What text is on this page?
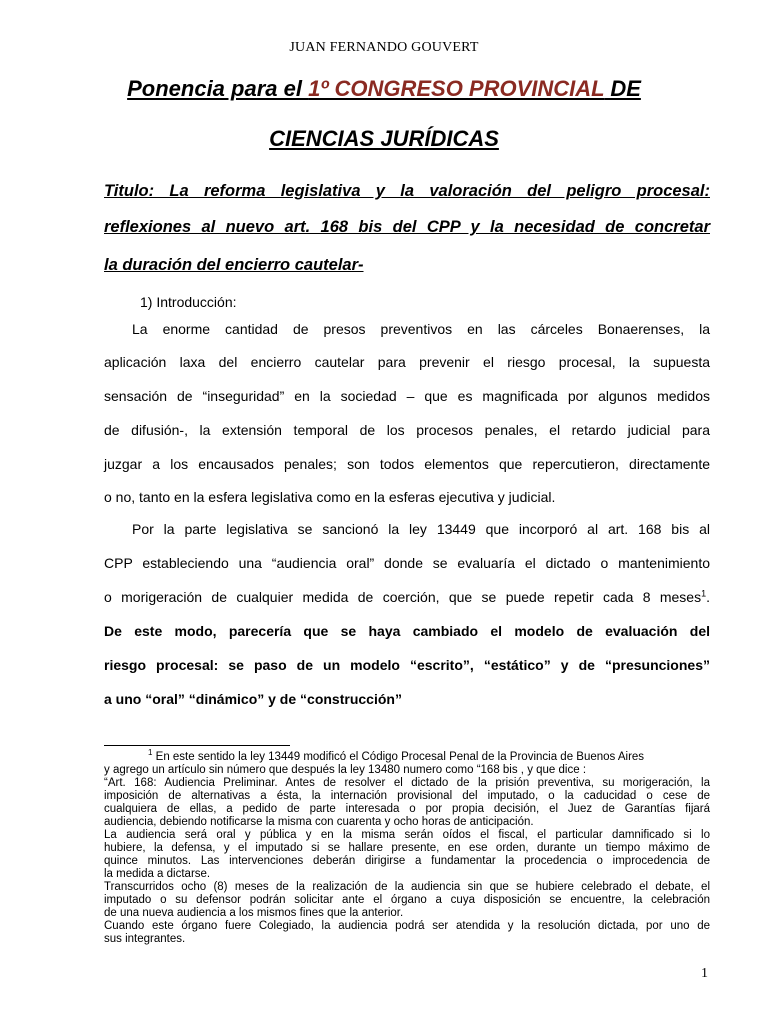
JUAN FERNANDO GOUVERT
Ponencia para el 1º CONGRESO PROVINCIAL DE
CIENCIAS JURÍDICAS
Titulo: La reforma legislativa y la valoración del peligro procesal:
reflexiones al nuevo art. 168 bis del CPP y la necesidad de concretar
la duración del encierro cautelar-
1) Introducción:
La enorme cantidad de presos preventivos en las cárceles Bonaerenses, la
aplicación laxa del encierro cautelar para prevenir el riesgo procesal, la supuesta
sensación de “inseguridad” en la sociedad – que es magnificada por algunos medidos
de difusión-, la extensión temporal de los procesos penales, el retardo judicial para
juzgar a los encausados penales; son todos elementos que repercutieron, directamente
o no, tanto en la esfera legislativa como en la esferas ejecutiva y judicial.
Por la parte legislativa se sancionó la ley 13449 que incorporó al art. 168 bis al
CPP estableciendo una “audiencia oral” donde se evaluaría el dictado o mantenimiento
o morigeración de cualquier medida de coerción, que se puede repetir cada 8 meses$^1$.
De este modo, parecería que se haya cambiado el modelo de evaluación del
riesgo procesal: se paso de un modelo “escrito”, “estático” y de “presunciones”
a uno “oral” “dinámico” y de “construcción”
$^1$ En este sentido la ley 13449 modificó el Código Procesal Penal de la Provincia de Buenos Aires
y agrego un artículo sin número que después la ley 13480 numero como “168 bis , y que dice :
“Art. 168: Audiencia Preliminar. Antes de resolver el dictado de la prisión preventiva, su morigeración, la
imposición de alternativas a ésta, la internación provisional del imputado, o la caducidad o cese de
cualquiera de ellas, a pedido de parte interesada o por propia decisión, el Juez de Garantías fijará
audiencia, debiendo notificarse la misma con cuarenta y ocho horas de anticipación.
La audiencia será oral y pública y en la misma serán oídos el fiscal, el particular damnificado si lo
hubiere, la defensa, y el imputado si se hallare presente, en ese orden, durante un tiempo máximo de
quince minutos. Las intervenciones deberán dirigirse a fundamentar la procedencia o improcedencia de
la medida a dictarse.
Transcurridos ocho (8) meses de la realización de la audiencia sin que se hubiere celebrado el debate, el
imputado o su defensor podrán solicitar ante el órgano a cuya disposición se encuentre, la celebración
de una nueva audiencia a los mismos fines que la anterior.
Cuando este órgano fuere Colegiado, la audiencia podrá ser atendida y la resolución dictada, por uno de
sus integrantes.
1
